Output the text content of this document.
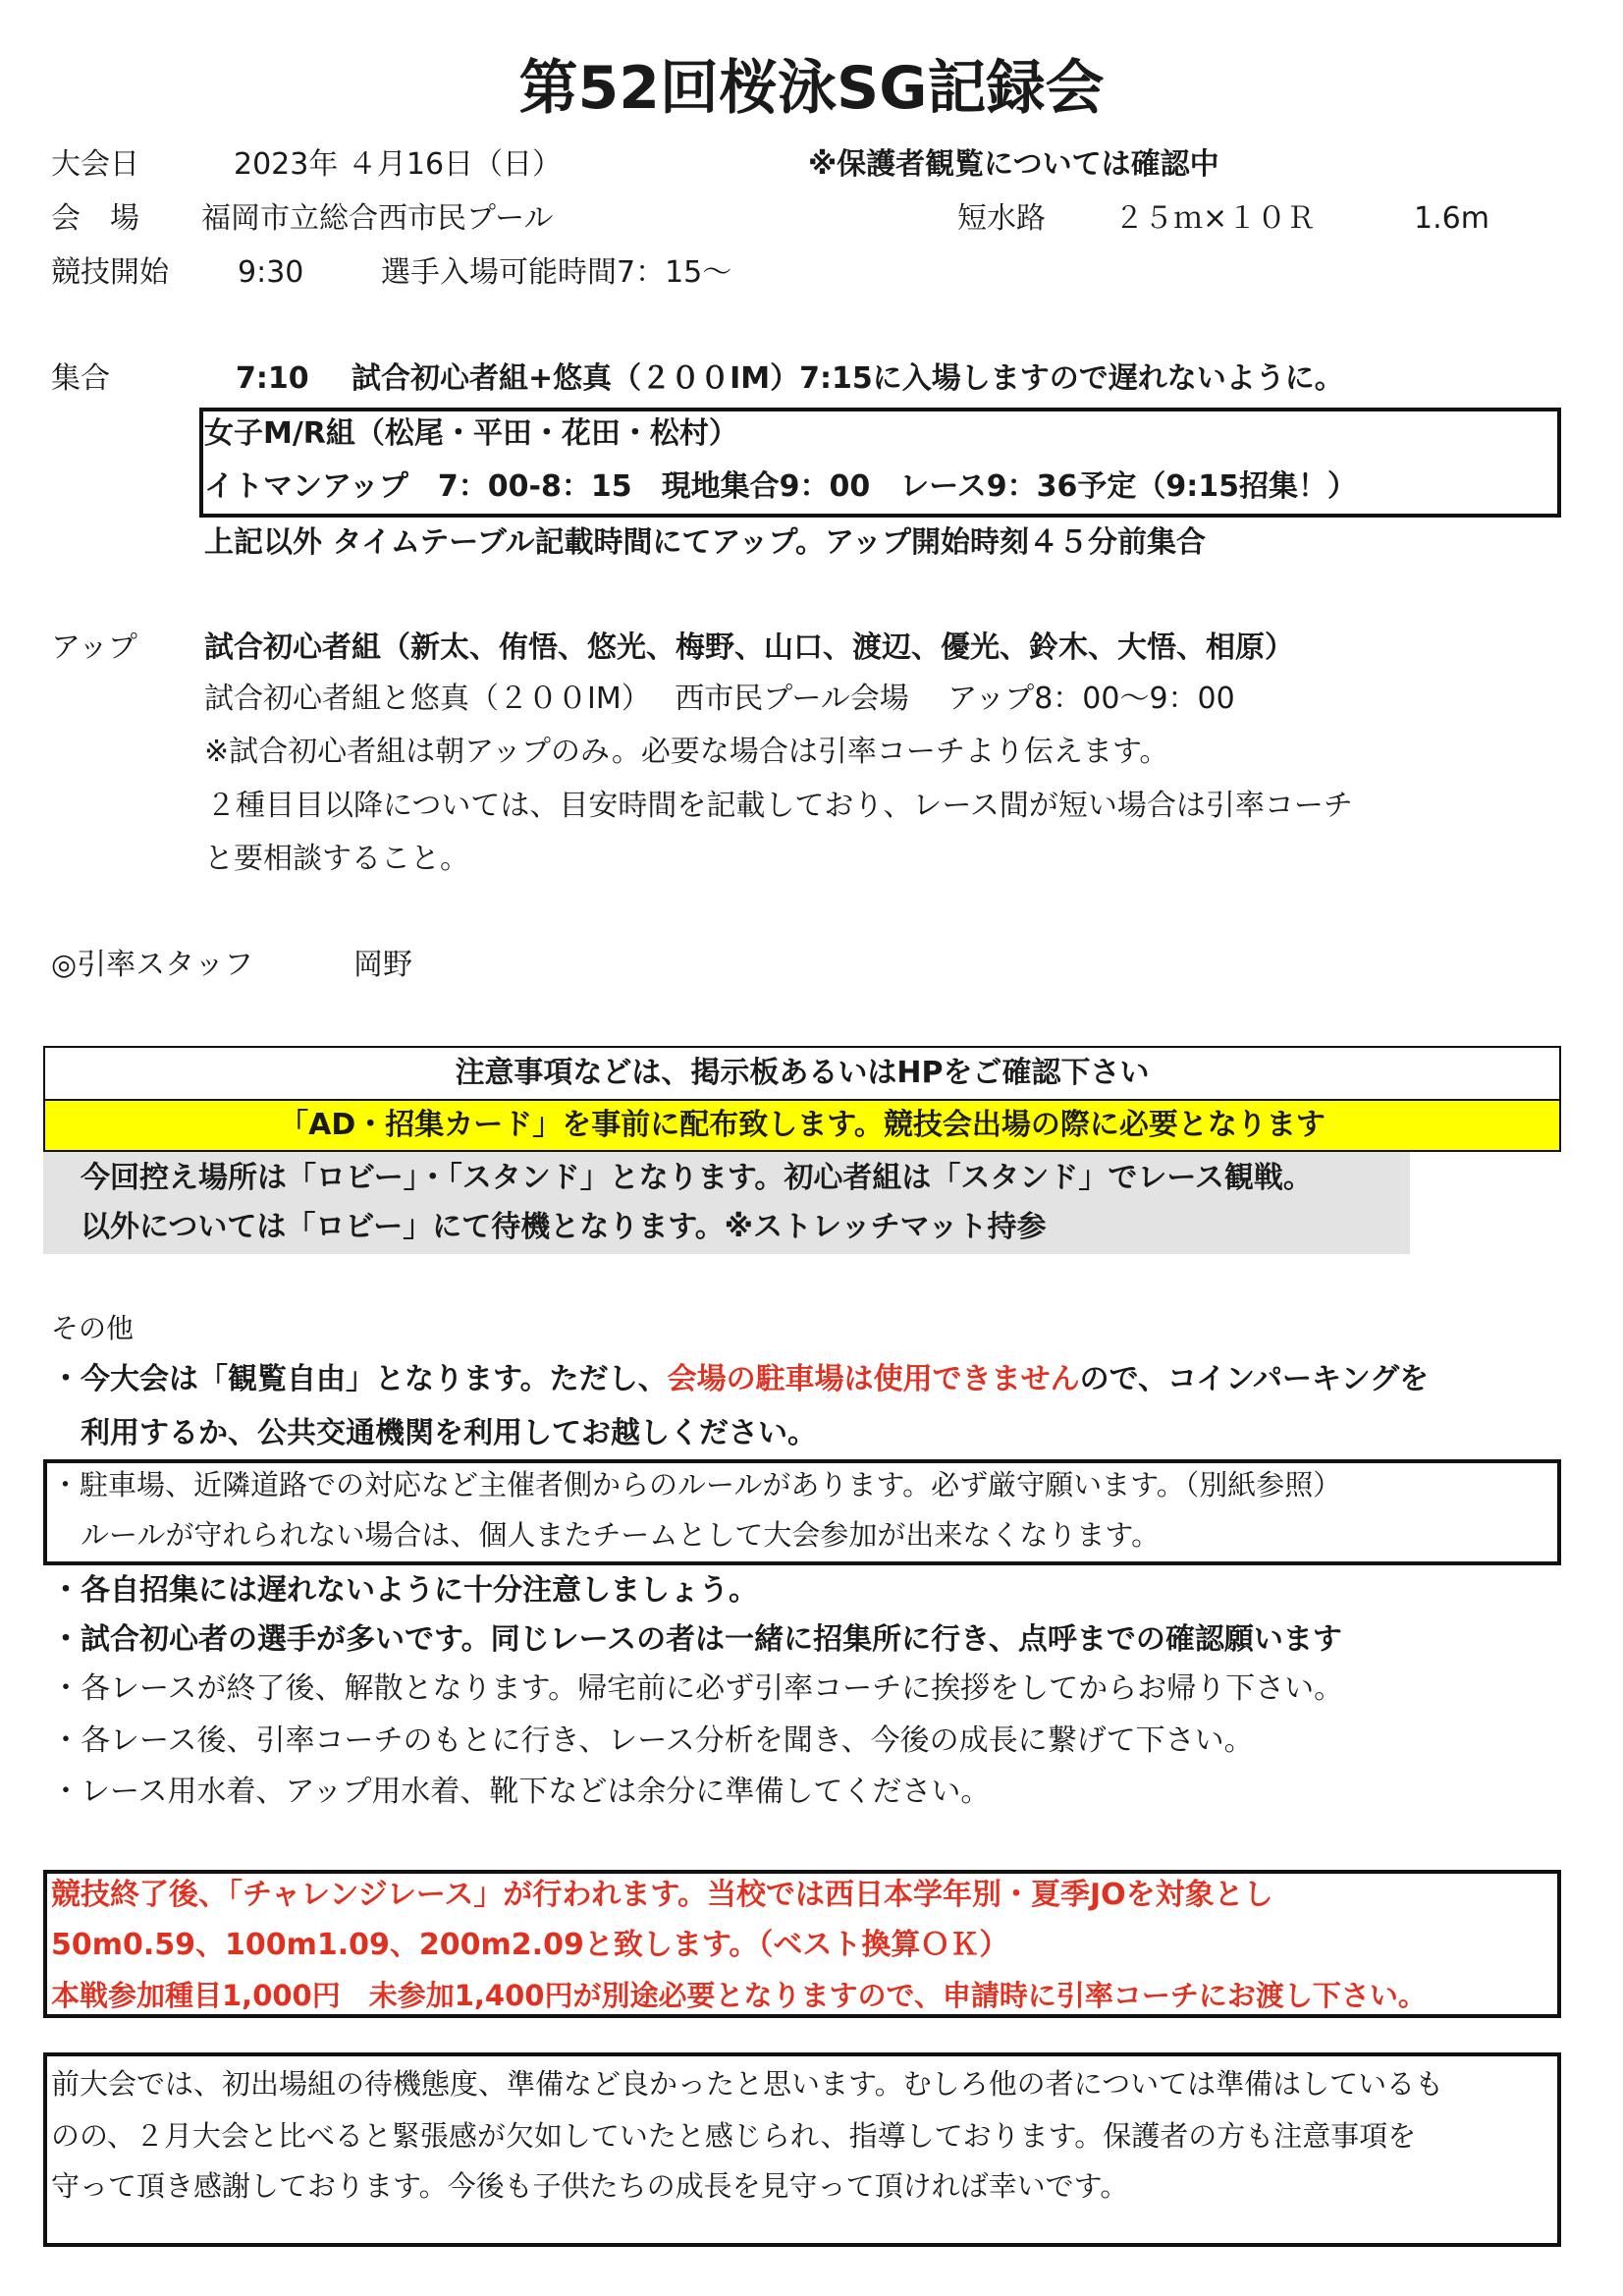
第52回桜泳SG記録会
大会日	2023年 ４月16日（日）	※保護者観覧については確認中
会　場 福岡市立総合西市民プール	短水路 ２５ｍ×１０Ｒ	1.6m
競技開始 9:30	選手入場可能時間7：15～
集合	7:10 試合初心者組+悠真（２００IM）7:15に入場しますので遅れないように。
女子M/R組（松尾・平田・花田・松村）
イトマンアップ　7：00-8：15　現地集合9：00　レース9：36予定（9:15招集！）
上記以外 タイムテーブル記載時間にてアップ。アップ開始時刻４５分前集合
アップ 試合初心者組（新太、侑悟、悠光、梅野、山口、渡辺、優光、鈴木、大悟、相原）
試合初心者組と悠真（２００IM）　 西市民プール会場　 アップ8：00～9：00
※試合初心者組は朝アップのみ。必要な場合は引率コーチより伝えます。
２種目目以降については、目安時間を記載しており、レース間が短い場合は引率コーチ
と要相談すること。
◎引率スタッフ	岡野
注意事項などは、掲示板あるいはHPをご確認下さい
「AD・招集カード」を事前に配布致します。競技会出場の際に必要となります
今回控え場所は「ロビー」・「スタンド」となります。初心者組は「スタンド」でレース観戦。
以外については「ロビー」にて待機となります。※ストレッチマット持参
その他
・今大会は「観覧自由」となります。ただし、会場の駐車場は使用できませんので、コインパーキングを
利用するか、公共交通機関を利用してお越しください。
・駐車場、近隣道路での対応など主催者側からのルールがあります。必ず厳守願います。（別紙参照）
ルールが守れられない場合は、個人またチームとして大会参加が出来なくなります。
・各自招集には遅れないように十分注意しましょう。
・試合初心者の選手が多いです。同じレースの者は一緒に招集所に行き、点呼までの確認願います
・各レースが終了後、解散となります。帰宅前に必ず引率コーチに挨拶をしてからお帰り下さい。
・各レース後、引率コーチのもとに行き、レース分析を聞き、今後の成長に繋げて下さい。
・レース用水着、アップ用水着、靴下などは余分に準備してください。
競技終了後、「チャレンジレース」が行われます。当校では西日本学年別・夏季JOを対象とし
50m0.59、100m1.09、200m2.09と致します。（ベスト換算ＯＫ）
本戦参加種目1,000円　未参加1,400円が別途必要となりますので、申請時に引率コーチにお渡し下さい。
前大会では、初出場組の待機態度、準備など良かったと思います。むしろ他の者については準備はしているも
のの、２月大会と比べると緊張感が欠如していたと感じられ、指導しております。保護者の方も注意事項を
守って頂き感謝しております。今後も子供たちの成長を見守って頂ければ幸いです。
